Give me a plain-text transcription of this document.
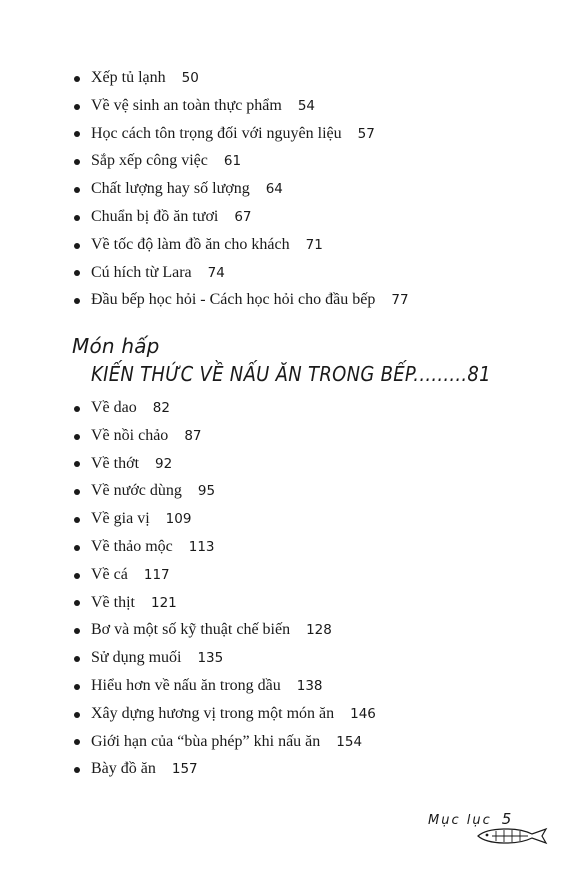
Xếp tủ lạnh 50
Về vệ sinh an toàn thực phẩm 54
Học cách tôn trọng đối với nguyên liệu 57
Sắp xếp công việc 61
Chất lượng hay số lượng 64
Chuẩn bị đồ ăn tươi 67
Về tốc độ làm đồ ăn cho khách 71
Cú hích từ Lara 74
Đầu bếp học hỏi - Cách học hỏi cho đầu bếp 77
Món hấp
KIẾN THỨC VỀ NẤU ĂN TRONG BẾP.........81
Về dao 82
Về nồi chảo 87
Về thớt 92
Về nước dùng 95
Về gia vị 109
Về thảo mộc 113
Về cá 117
Về thịt 121
Bơ và một số kỹ thuật chế biến 128
Sử dụng muối 135
Hiểu hơn về nấu ăn trong dầu 138
Xây dựng hương vị trong một món ăn 146
Giới hạn của “bùa phép” khi nấu ăn 154
Bày đồ ăn 157
Mục lục 5
